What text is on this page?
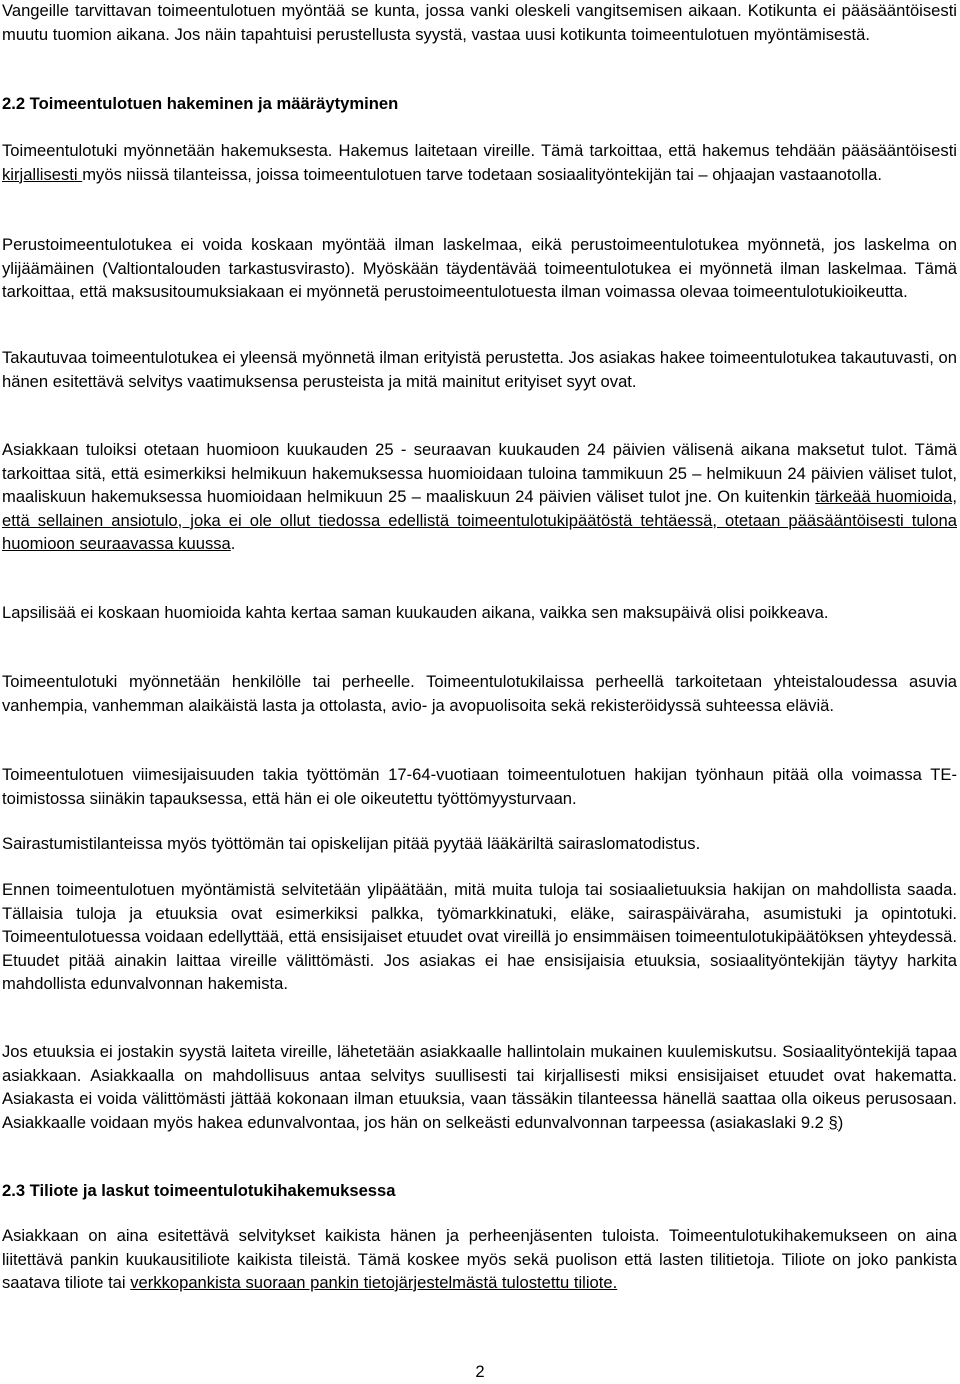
Vangeille tarvittavan toimeentulotuen myöntää se kunta, jossa vanki oleskeli vangitsemisen aikaan. Kotikunta ei pääsääntöisesti muutu tuomion aikana. Jos näin tapahtuisi perustellusta syystä, vastaa uusi kotikunta toimeentulotuen myöntämisestä.

2.2 Toimeentulotuen hakeminen ja määräytyminen

Toimeentulotuki myönnetään hakemuksesta. Hakemus laitetaan vireille. Tämä tarkoittaa, että hakemus tehdään pääsääntöisesti kirjallisesti myös niissä tilanteissa, joissa toimeentulotuen tarve todetaan sosiaalityöntekijän tai – ohjaajan vastaanotolla.

Perustoimeentulotukea ei voida koskaan myöntää ilman laskelmaa, eikä perustoimeentulotukea myönnetä, jos laskelma on ylijäämäinen (Valtiontalouden tarkastusvirasto). Myöskään täydentävää toimeentulotukea ei myönnetä ilman laskelmaa. Tämä tarkoittaa, että maksusitoumuksiakaan ei myönnetä perustoimeentulotuesta ilman voimassa olevaa toimeentulotukioikeutta.

Takautuvaa toimeentulotukea ei yleensä myönnetä ilman erityistä perustetta. Jos asiakas hakee toimeentulotukea takautuvasti, on hänen esitettävä selvitys vaatimuksensa perusteista ja mitä mainitut erityiset syyt ovat.

Asiakkaan tuloiksi otetaan huomioon kuukauden 25 - seuraavan kuukauden 24 päivien välisenä aikana maksetut tulot. Tämä tarkoittaa sitä, että esimerkiksi helmikuun hakemuksessa huomioidaan tuloina tammikuun 25 – helmikuun 24 päivien väliset tulot, maaliskuun hakemuksessa huomioidaan helmikuun 25 – maaliskuun 24 päivien väliset tulot jne. On kuitenkin tärkeää huomioida, että sellainen ansiotulo, joka ei ole ollut tiedossa edellistä toimeentulotukipäätöstä tehtäessä, otetaan pääsääntöisesti tulona huomioon seuraavassa kuussa.

Lapsilisää ei koskaan huomioida kahta kertaa saman kuukauden aikana, vaikka sen maksupäivä olisi poikkeava.

Toimeentulotuki myönnetään henkilölle tai perheelle. Toimeentulotukilaissa perheellä tarkoitetaan yhteistaloudessa asuvia vanhempia, vanhemman alaikäistä lasta ja ottolasta, avio- ja avopuolisoita sekä rekisteröidyssä suhteessa eläviä.

Toimeentulotuen viimesijaisuuden takia työttömän 17-64-vuotiaan toimeentulotuen hakijan työnhaun pitää olla voimassa TE-toimistossa siinäkin tapauksessa, että hän ei ole oikeutettu työttömyysturvaan.

Sairastumistilanteissa myös työttömän tai opiskelijan pitää pyytää lääkäriltä sairaslomatodistus.

Ennen toimeentulotuen myöntämistä selvitetään ylipäätään, mitä muita tuloja tai sosiaalietuuksia hakijan on mahdollista saada. Tällaisia tuloja ja etuuksia ovat esimerkiksi palkka, työmarkkinatuki, eläke, sairaspäiväraha, asumistuki ja opintotuki. Toimeentulotuessa voidaan edellyttää, että ensisijaiset etuudet ovat vireillä jo ensimmäisen toimeentulotukipäätöksen yhteydessä. Etuudet pitää ainakin laittaa vireille välittömästi. Jos asiakas ei hae ensisijaisia etuuksia, sosiaalityöntekijän täytyy harkita mahdollista edunvalvonnan hakemista.

Jos etuuksia ei jostakin syystä laiteta vireille, lähetetään asiakkaalle hallintolain mukainen kuulemiskutsu. Sosiaalityöntekijä tapaa asiakkaan. Asiakkaalla on mahdollisuus antaa selvitys suullisesti tai kirjallisesti miksi ensisijaiset etuudet ovat hakematta. Asiakasta ei voida välittömästi jättää kokonaan ilman etuuksia, vaan tässäkin tilanteessa hänellä saattaa olla oikeus perusosaan. Asiakkaalle voidaan myös hakea edunvalvontaa, jos hän on selkeästi edunvalvonnan tarpeessa (asiakaslaki 9.2 §)

2.3 Tiliote ja laskut toimeentulotukihakemuksessa

Asiakkaan on aina esitettävä selvitykset kaikista hänen ja perheenjäsenten tuloista. Toimeentulotukihakemukseen on aina liitettävä pankin kuukausitiliote kaikista tileistä. Tämä koskee myös sekä puolison että lasten tilitietoja. Tiliote on joko pankista saatava tiliote tai verkkopankista suoraan pankin tietojärjestelmästä tulostettu tiliote.

2
